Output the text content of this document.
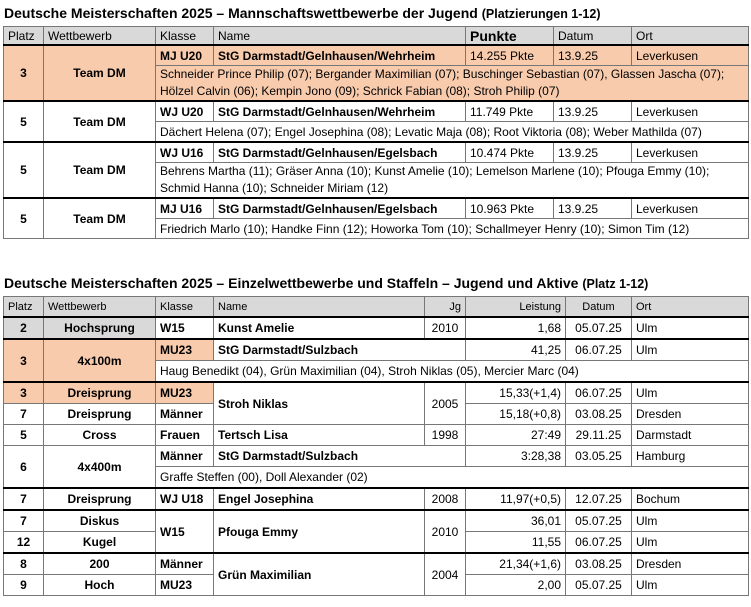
Deutsche Meisterschaften 2025 – Mannschaftswettbewerbe der Jugend (Platzierungen 1-12)
Platz	Wettbewerb	Klasse	Name	Punkte	Datum	Ort
3	Team DM	MJ U20	StG Darmstadt/Gelnhausen/Wehrheim	14.255 Pkte	13.9.25	Leverkusen
		Schneider Prince Philip (07); Bergander Maximilian (07); Buschinger Sebastian (07), Glassen Jascha (07); Hölzel Calvin (06); Kempin Jono (09); Schrick Fabian (08); Stroh Philip (07)				
5	Team DM	WJ U20	StG Darmstadt/Gelnhausen/Wehrheim	11.749 Pkte	13.9.25	Leverkusen
		Dächert Helena (07); Engel Josephina (08); Levatic Maja (08); Root Viktoria (08); Weber Mathilda (07)				
5	Team DM	WJ U16	StG Darmstadt/Gelnhausen/Egelsbach	10.474 Pkte	13.9.25	Leverkusen
		Behrens Martha (11); Gräser Anna (10); Kunst Amelie (10); Lemelson Marlene (10); Pfouga Emmy (10); Schmid Hanna (10); Schneider Miriam (12)				
5	Team DM	MJ U16	StG Darmstadt/Gelnhausen/Egelsbach	10.963 Pkte	13.9.25	Leverkusen
		Friedrich Marlo (10); Handke Finn (12); Howorka Tom (10); Schallmeyer Henry (10); Simon Tim (12)				
Deutsche Meisterschaften 2025 – Einzelwettbewerbe und Staffeln – Jugend und Aktive (Platz 1-12)
Platz	Wettbewerb	Klasse	Name	Jg	Leistung	Datum	Ort
2	Hochsprung	W15	Kunst Amelie	2010	1,68	05.07.25	Ulm
3	4x100m	MU23	StG Darmstadt/Sulzbach		41,25	06.07.25	Ulm
		Haug Benedikt (04), Grün Maximilian (04), Stroh Niklas (05), Mercier Marc (04)					
3	Dreisprung	MU23	Stroh Niklas	2005	15,33(+1,4)	06.07.25	Ulm
7	Dreisprung	Männer			15,18(+0,8)	03.08.25	Dresden
5	Cross	Frauen	Tertsch Lisa	1998	27:49	29.11.25	Darmstadt
6	4x400m	Männer	StG Darmstadt/Sulzbach		3:28,38	03.05.25	Hamburg
		Graffe Steffen (00), Doll Alexander (02)					
7	Dreisprung	WJ U18	Engel Josephina	2008	11,97(+0,5)	12.07.25	Bochum
7	Diskus	W15	Pfouga Emmy	2010	36,01	05.07.25	Ulm
12	Kugel				11,55	06.07.25	Ulm
8	200	Männer	Grün Maximilian	2004	21,34(+1,6)	03.08.25	Dresden
9	Hoch	MU23			2,00	05.07.25	Ulm
